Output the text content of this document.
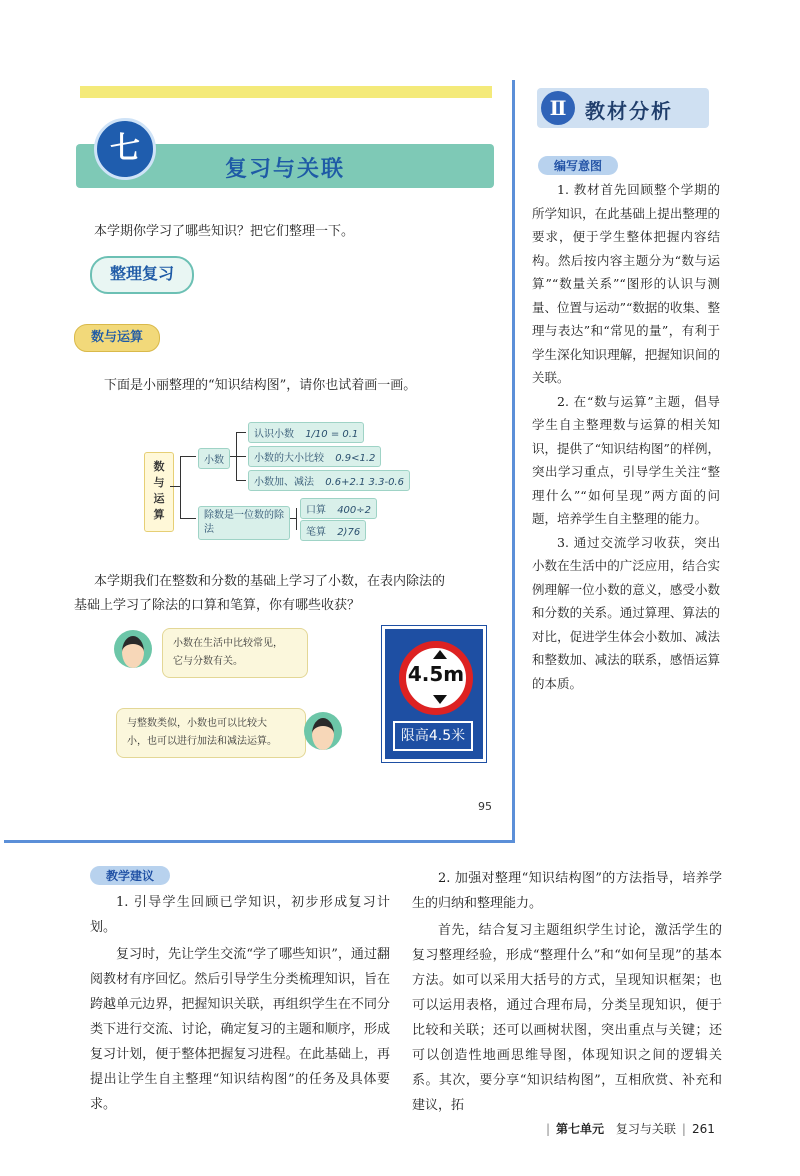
复习与关联
七
本学期你学习了哪些知识？把它们整理一下。
整理复习
数与运算
下面是小丽整理的“知识结构图”，请你也试着画一画。
数与运算
小数
认识小数 1/10 = 0.1
小数的大小比较 0.9<1.2
小数加、减法 0.6+2.1 3.3-0.6
除数是一位数的除法
口算 400÷2
笔算 2)76
本学期我们在整数和分数的基础上学习了小数，在表内除法的
基础上学习了除法的口算和笔算，你有哪些收获？
小数在生活中比较常见，
它与分数有关。
与整数类似，小数也可以比较大
小，也可以进行加法和减法运算。
4.5m
限高4.5米
95
Ⅱ 教材分析
编写意图

1. 教材首先回顾整个学期的所学知识，在此基础上提出整理的要求，便于学生整体把握内容结构。然后按内容主题分为“数与运算”“数量关系”“图形的认识与测量、位置与运动”“数据的收集、整理与表达”和“常见的量”，有利于学生深化知识理解，把握知识间的关联。

2. 在“数与运算”主题，倡导学生自主整理数与运算的相关知识，提供了“知识结构图”的样例，突出学习重点，引导学生关注“整理什么”“如何呈现”两方面的问题，培养学生自主整理的能力。

3. 通过交流学习收获，突出小数在生活中的广泛应用，结合实例理解一位小数的意义，感受小数和分数的关系。通过算理、算法的对比，促进学生体会小数加、减法和整数加、减法的联系，感悟运算的本质。

教学建议

1. 引导学生回顾已学知识，初步形成复习计划。

复习时，先让学生交流“学了哪些知识”，通过翻阅教材有序回忆。然后引导学生分类梳理知识，旨在跨越单元边界，把握知识关联，再组织学生在不同分类下进行交流、讨论，确定复习的主题和顺序，形成复习计划，便于整体把握复习进程。在此基础上，再提出让学生自主整理“知识结构图”的任务及具体要求。

2. 加强对整理“知识结构图”的方法指导，培养学生的归纳和整理能力。

首先，结合复习主题组织学生讨论，激活学生的复习整理经验，形成“整理什么”和“如何呈现”的基本方法。如可以采用大括号的方式，呈现知识框架；也可以运用表格，通过合理布局，分类呈现知识，便于比较和关联；还可以画树状图，突出重点与关键；还可以创造性地画思维导图，体现知识之间的逻辑关系。其次，要分享“知识结构图”，互相欣赏、补充和建议，拓

| 第七单元 复习与关联 | 261
